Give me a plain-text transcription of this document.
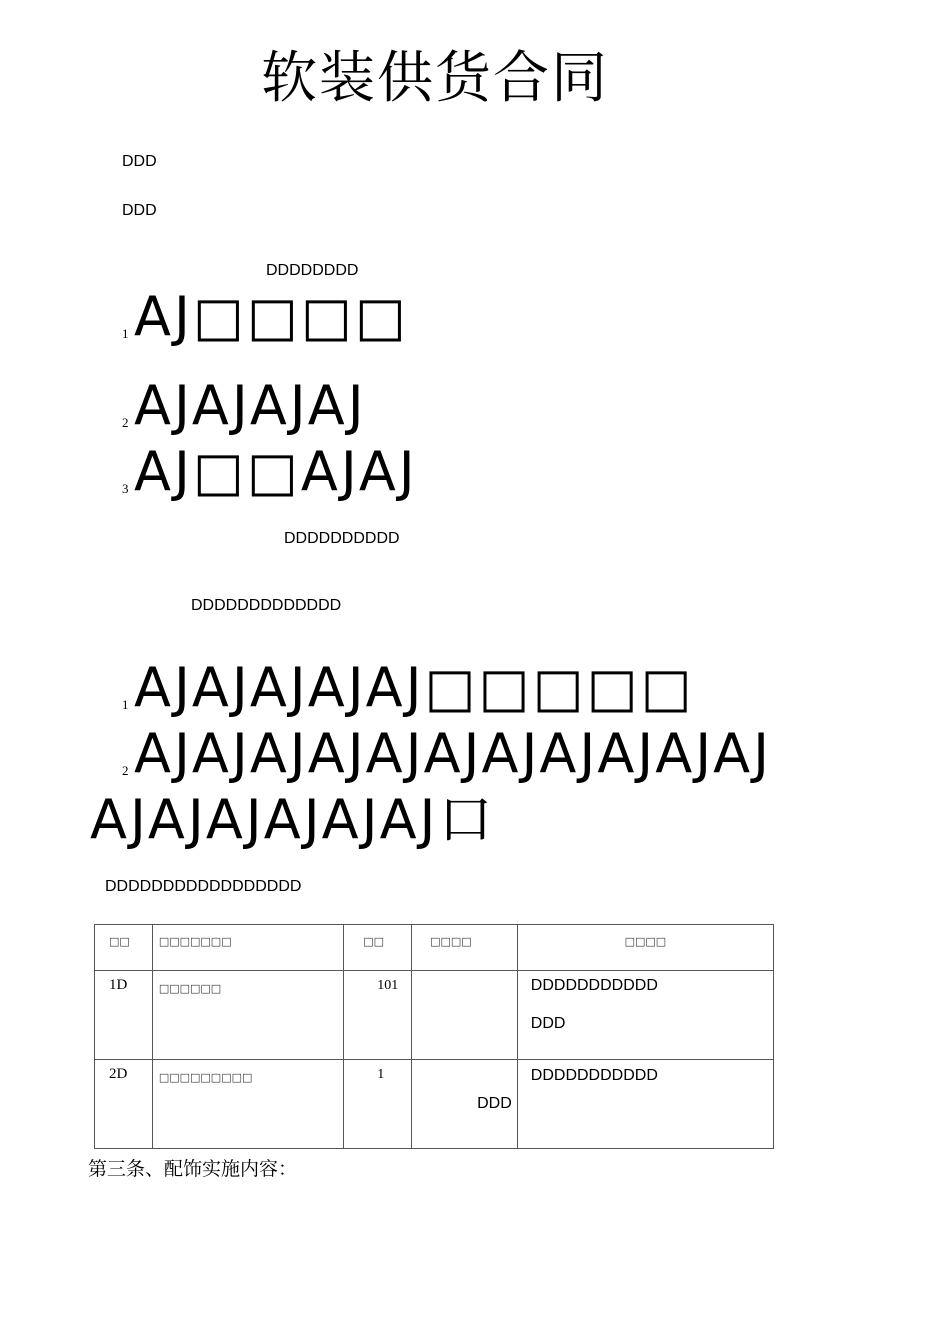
软装供货合同
DDD
DDD
DDDDDDDD
1 AJ□□□□
2 AJAJAJAJ
3 AJ□□AJAJ
DDDDDDDDDD
DDDDDDDDDDDDD
1 AJAJAJAJAJ□□□□□
2 AJAJAJAJAJAJAJAJAJAJAJ
AJAJAJAJAJAJ口
DDDDDDDDDDDDDDDDD
□□	□□□□□□□	□□	□□□□	□□□□

1D	□□□□□□	101		DDDDDDDDDDD
DDD

2D	□□□□□□□□□	1	DDD	DDDDDDDDDDD
第三条、配饰实施内容：
